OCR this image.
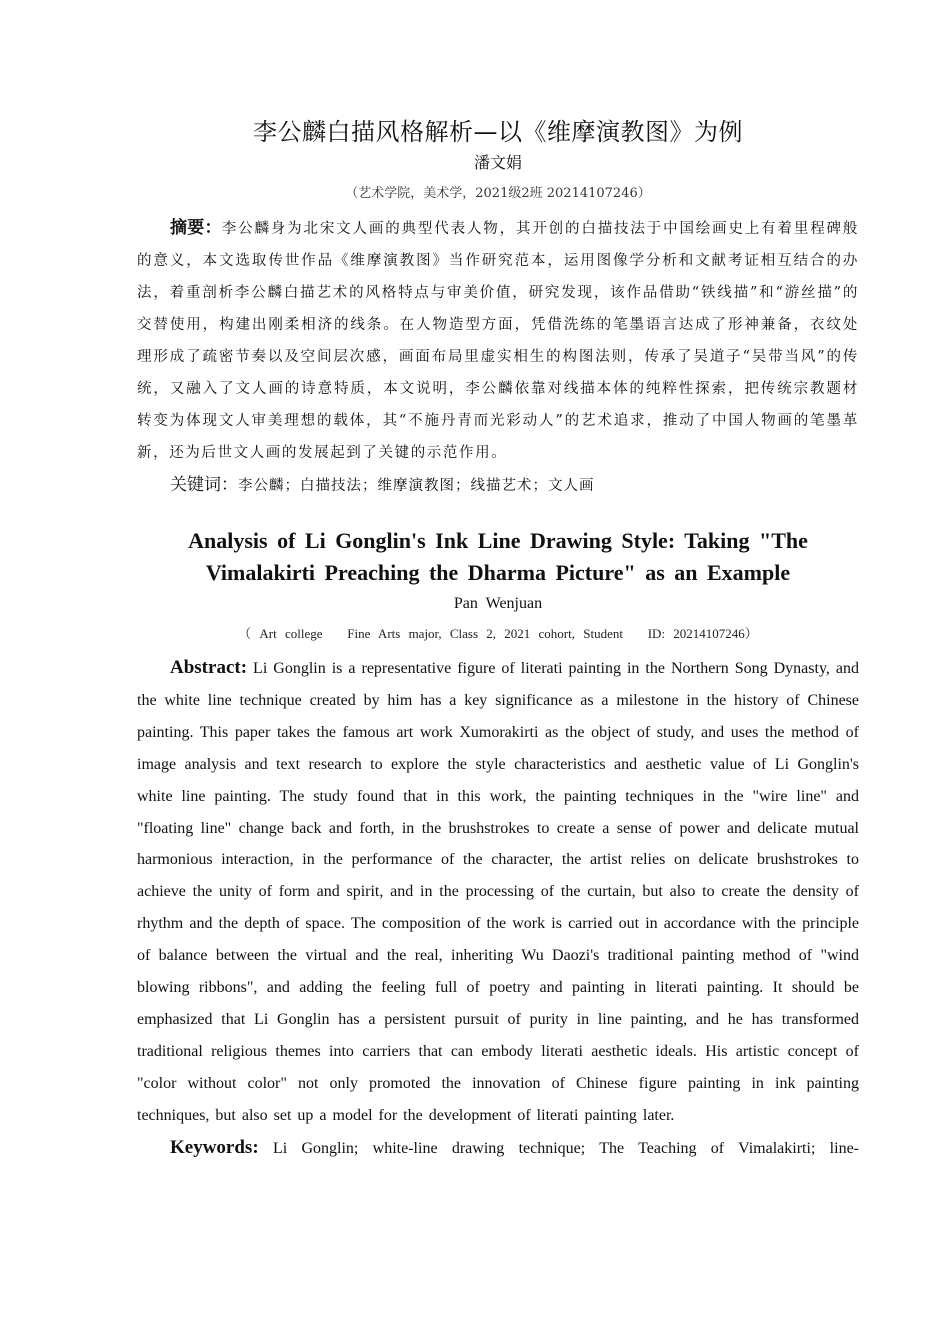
李公麟白描风格解析—以《维摩演教图》为例
潘文娟
（艺术学院，美术学，2021级2班 20214107246）
摘要：李公麟身为北宋文人画的典型代表人物，其开创的白描技法于中国绘画史上有着里程碑般的意义，本文选取传世作品《维摩演教图》当作研究范本，运用图像学分析和文献考证相互结合的办法，着重剖析李公麟白描艺术的风格特点与审美价值，研究发现，该作品借助“铁线描”和“游丝描”的交替使用，构建出刚柔相济的线条。在人物造型方面，凭借洗练的笔墨语言达成了形神兼备，衣纹处理形成了疏密节奏以及空间层次感，画面布局里虚实相生的构图法则，传承了吴道子“吴带当风”的传统，又融入了文人画的诗意特质，本文说明，李公麟依靠对线描本体的纯粹性探索，把传统宗教题材转变为体现文人审美理想的载体，其“不施丹青而光彩动人”的艺术追求，推动了中国人物画的笔墨革新，还为后世文人画的发展起到了关键的示范作用。
关键词：李公麟；白描技法；维摩演教图；线描艺术；文人画
Analysis of Li Gonglin's Ink Line Drawing Style: Taking "The Vimalakirti Preaching the Dharma Picture" as an Example
Pan Wenjuan
（ Art college   Fine Arts major, Class 2, 2021 cohort, Student   ID: 20214107246）
Abstract: Li Gonglin is a representative figure of literati painting in the Northern Song Dynasty, and the white line technique created by him has a key significance as a milestone in the history of Chinese painting. This paper takes the famous art work Xumorakirti as the object of study, and uses the method of image analysis and text research to explore the style characteristics and aesthetic value of Li Gonglin's white line painting. The study found that in this work, the painting techniques in the "wire line" and "floating line" change back and forth, in the brushstrokes to create a sense of power and delicate mutual harmonious interaction, in the performance of the character, the artist relies on delicate brushstrokes to achieve the unity of form and spirit, and in the processing of the curtain, but also to create the density of rhythm and the depth of space. The composition of the work is carried out in accordance with the principle of balance between the virtual and the real, inheriting Wu Daozi's traditional painting method of "wind blowing ribbons", and adding the feeling full of poetry and painting in literati painting. It should be emphasized that Li Gonglin has a persistent pursuit of purity in line painting, and he has transformed traditional religious themes into carriers that can embody literati aesthetic ideals. His artistic concept of "color without color" not only promoted the innovation of Chinese figure painting in ink painting techniques, but also set up a model for the development of literati painting later.
Keywords: Li Gonglin; white-line drawing technique; The Teaching of Vimalakirti; line-
